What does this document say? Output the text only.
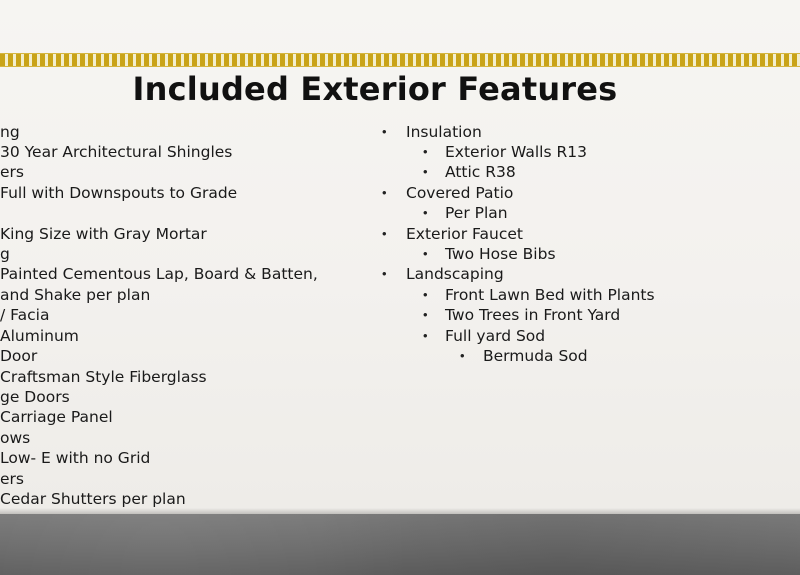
Included Exterior Features
ng
30 Year Architectural Shingles
ers
Full with Downspouts to Grade
King Size with Gray Mortar
g
Painted Cementous Lap, Board & Batten,
and Shake per plan
/ Facia
Aluminum
Door
Craftsman Style Fiberglass
ge Doors
Carriage Panel
ows
Low- E with no Grid
ers
Cedar Shutters per plan
• Insulation
• Exterior Walls R13
• Attic R38
• Covered Patio
• Per Plan
• Exterior Faucet
• Two Hose Bibs
• Landscaping
• Front Lawn Bed with Plants
• Two Trees in Front Yard
• Full yard Sod
• Bermuda Sod
